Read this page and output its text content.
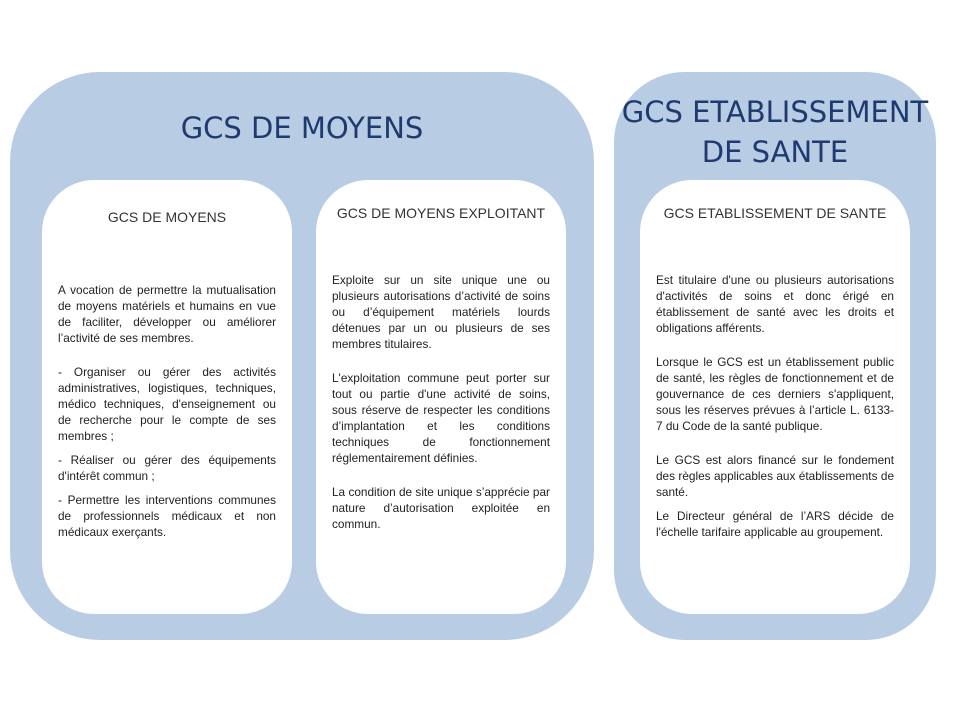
GCS DE MOYENS
GCS DE MOYENS

A vocation de permettre la mutualisation de moyens matériels et humains en vue de faciliter, développer ou améliorer l’activité de ses membres.

- Organiser ou gérer des activités administratives, logistiques, techniques, médico techniques, d'enseignement ou de recherche pour le compte de ses membres ;

- Réaliser ou gérer des équipements d'intérêt commun ;

- Permettre les interventions communes de professionnels médicaux et non médicaux exerçants.

GCS DE MOYENS EXPLOITANT

Exploite sur un site unique une ou plusieurs autorisations d’activité de soins ou d’équipement matériels lourds détenues par un ou plusieurs de ses membres titulaires.

L'exploitation commune peut porter sur tout ou partie d'une activité de soins, sous réserve de respecter les conditions d’implantation et les conditions techniques de fonctionnement réglementairement définies.

La condition de site unique s’apprécie par nature d’autorisation exploitée en commun.

GCS ETABLISSEMENT DE SANTE
GCS ETABLISSEMENT DE SANTE

Est titulaire d'une ou plusieurs autorisations d'activités de soins et donc érigé en établissement de santé avec les droits et obligations afférents.

Lorsque le GCS est un établissement public de santé, les règles de fonctionnement et de gouvernance de ces derniers s'appliquent, sous les réserves prévues à l’article L. 6133-7 du Code de la santé publique.

Le GCS est alors financé sur le fondement des règles applicables aux établissements de santé.

Le Directeur général de l’ARS décide de l'échelle tarifaire applicable au groupement.
